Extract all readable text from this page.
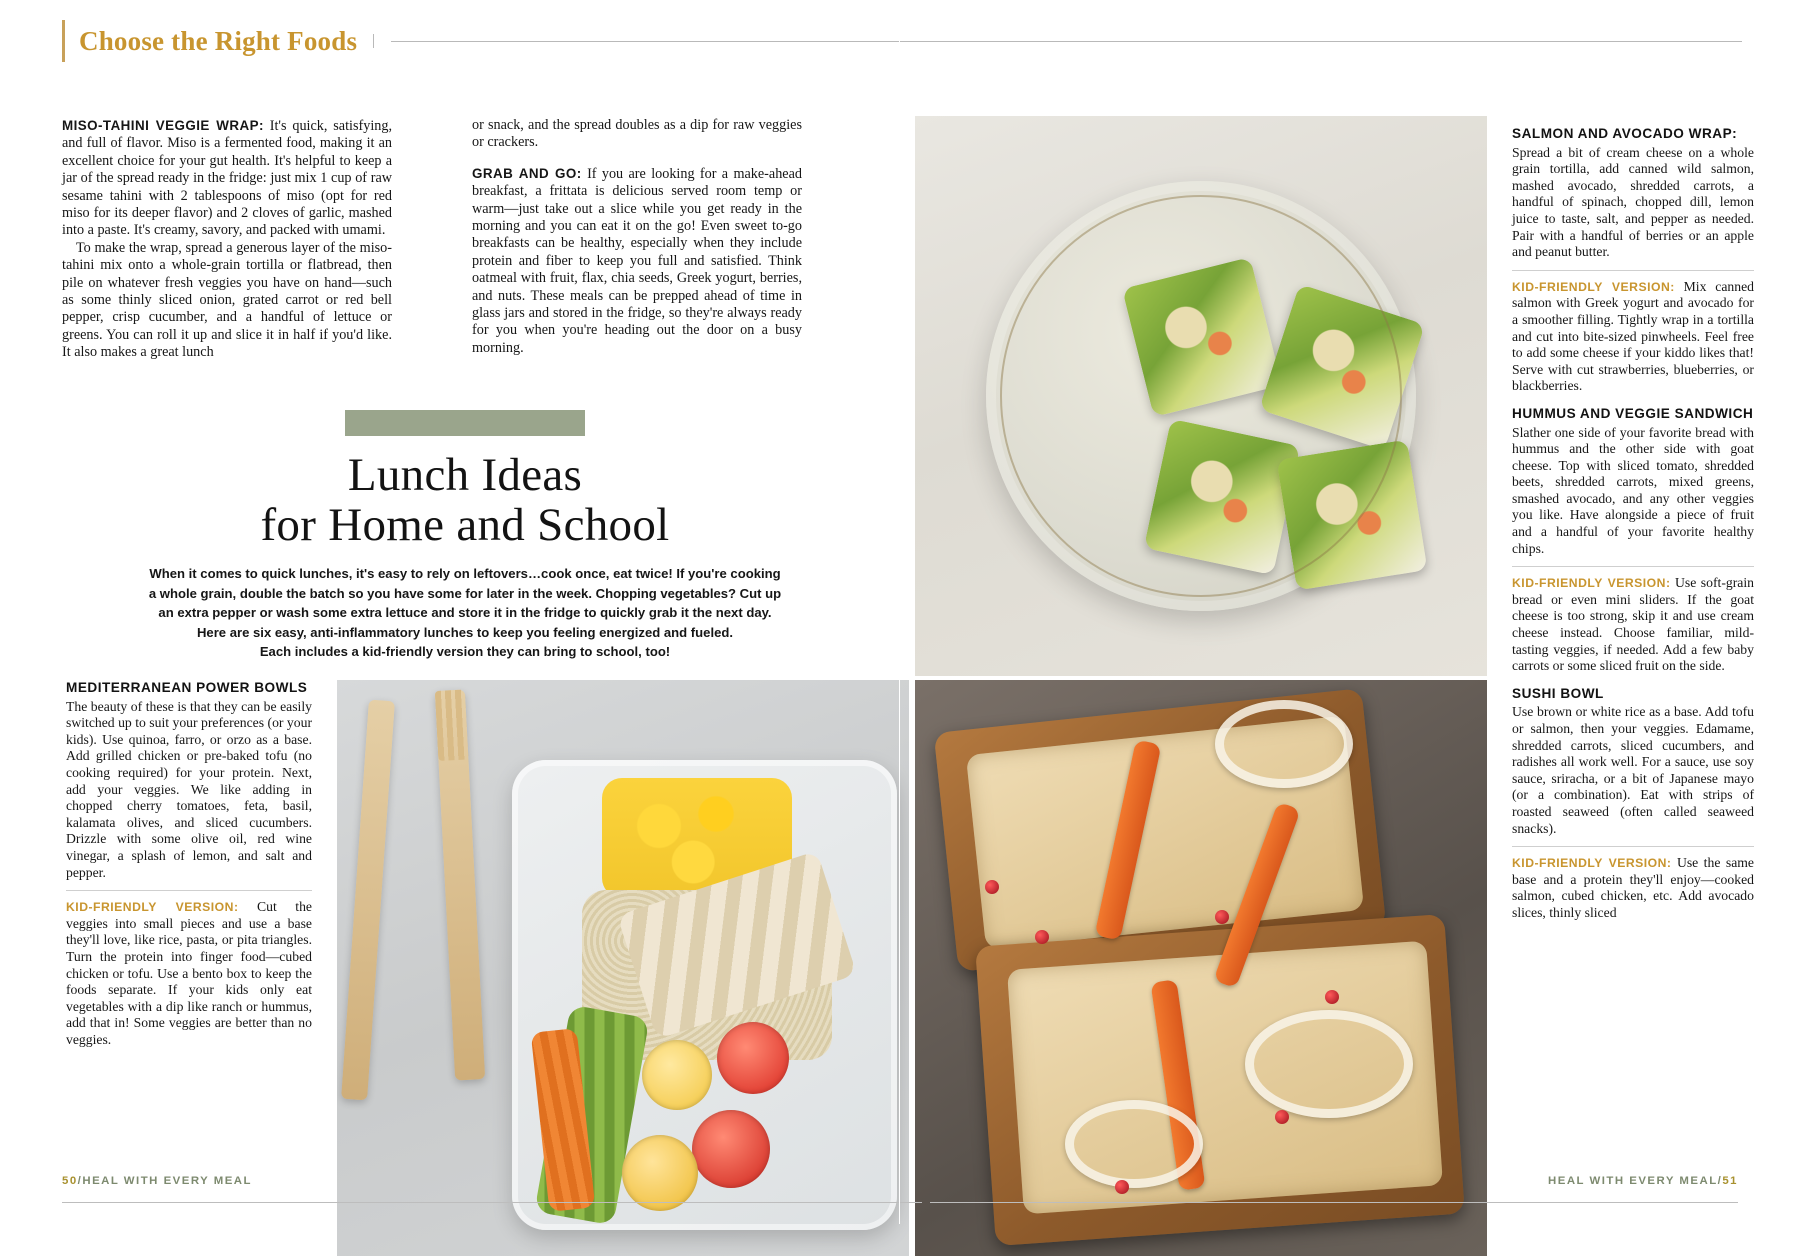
Choose the Right Foods

MISO-TAHINI VEGGIE WRAP: It's quick, satisfying, and full of flavor. Miso is a fermented food, making it an excellent choice for your gut health. It's helpful to keep a jar of the spread ready in the fridge: just mix 1 cup of raw sesame tahini with 2 tablespoons of miso (opt for red miso for its deeper flavor) and 2 cloves of garlic, mashed into a paste. It's creamy, savory, and packed with umami.

To make the wrap, spread a generous layer of the miso-tahini mix onto a whole-grain tortilla or flatbread, then pile on whatever fresh veggies you have on hand—such as some thinly sliced onion, grated carrot or red bell pepper, crisp cucumber, and a handful of lettuce or greens. You can roll it up and slice it in half if you'd like. It also makes a great lunch

or snack, and the spread doubles as a dip for raw veggies or crackers.

GRAB AND GO: If you are looking for a make-ahead breakfast, a frittata is delicious served room temp or warm—just take out a slice while you get ready in the morning and you can eat it on the go! Even sweet to-go breakfasts can be healthy, especially when they include protein and fiber to keep you full and satisfied. Think oatmeal with fruit, flax, chia seeds, Greek yogurt, berries, and nuts. These meals can be prepped ahead of time in glass jars and stored in the fridge, so they're always ready for you when you're heading out the door on a busy morning.

Lunch Ideas
for Home and School
When it comes to quick lunches, it's easy to rely on leftovers…cook once, eat twice! If you're cooking
a whole grain, double the batch so you have some for later in the week. Chopping vegetables? Cut up
an extra pepper or wash some extra lettuce and store it in the fridge to quickly grab it the next day.
Here are six easy, anti-inflammatory lunches to keep you feeling energized and fueled.
Each includes a kid-friendly version they can bring to school, too!
MEDITERRANEAN POWER BOWLS

The beauty of these is that they can be easily switched up to suit your preferences (or your kids). Use quinoa, farro, or orzo as a base. Add grilled chicken or pre-baked tofu (no cooking required) for your protein. Next, add your veggies. We like adding in chopped cherry tomatoes, feta, basil, kalamata olives, and sliced cucumbers. Drizzle with some olive oil, red wine vinegar, a splash of lemon, and salt and pepper.

KID-FRIENDLY VERSION: Cut the veggies into small pieces and use a base they'll love, like rice, pasta, or pita triangles. Turn the protein into finger food—cubed chicken or tofu. Use a bento box to keep the foods separate. If your kids only eat vegetables with a dip like ranch or hummus, add that in! Some veggies are better than no veggies.

SALMON AND AVOCADO WRAP:

Spread a bit of cream cheese on a whole grain tortilla, add canned wild salmon, mashed avocado, shredded carrots, a handful of spinach, chopped dill, lemon juice to taste, salt, and pepper as needed. Pair with a handful of berries or an apple and peanut butter.

KID-FRIENDLY VERSION: Mix canned salmon with Greek yogurt and avocado for a smoother filling. Tightly wrap in a tortilla and cut into bite-sized pinwheels. Feel free to add some cheese if your kiddo likes that! Serve with cut strawberries, blueberries, or blackberries.

HUMMUS AND VEGGIE SANDWICH

Slather one side of your favorite bread with hummus and the other side with goat cheese. Top with sliced tomato, shredded beets, shredded carrots, mixed greens, smashed avocado, and any other veggies you like. Have alongside a piece of fruit and a handful of your favorite healthy chips.

KID-FRIENDLY VERSION: Use soft-grain bread or even mini sliders. If the goat cheese is too strong, skip it and use cream cheese instead. Choose familiar, mild-tasting veggies, if needed. Add a few baby carrots or some sliced fruit on the side.

SUSHI BOWL

Use brown or white rice as a base. Add tofu or salmon, then your veggies. Edamame, shredded carrots, sliced cucumbers, and radishes all work well. For a sauce, use soy sauce, sriracha, or a bit of Japanese mayo (or a combination). Eat with strips of roasted seaweed (often called seaweed snacks).

KID-FRIENDLY VERSION: Use the same base and a protein they'll enjoy—cooked salmon, cubed chicken, etc. Add avocado slices, thinly sliced

50/HEAL WITH EVERY MEAL	HEAL WITH EVERY MEAL/51
